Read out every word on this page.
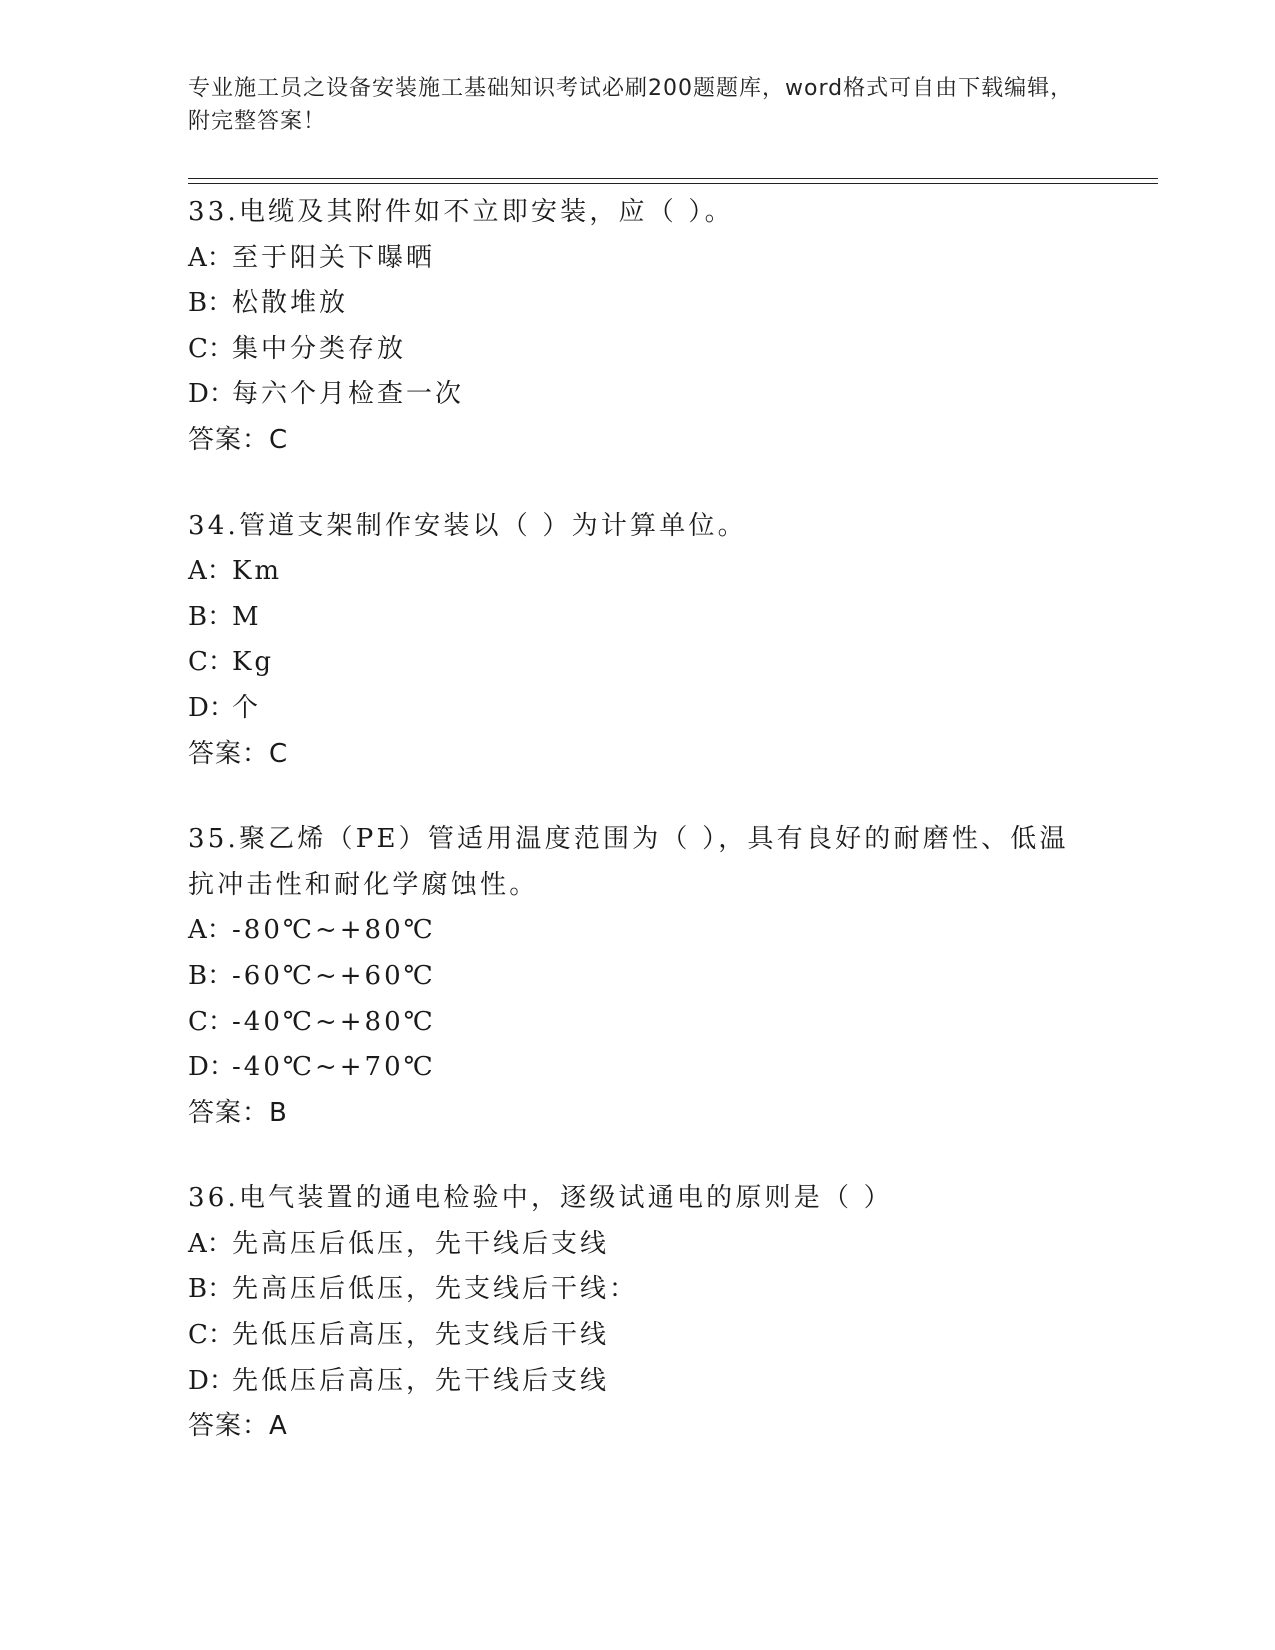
专业施工员之设备安装施工基础知识考试必刷200题题库，word格式可自由下载编辑，附完整答案！
33.电缆及其附件如不立即安装，应（ ）。
A：至于阳关下曝晒
B：松散堆放
C：集中分类存放
D：每六个月检查一次
答案：C
34.管道支架制作安装以（ ）为计算单位。
A：Km
B：M
C：Kg
D：个
答案：C
35.聚乙烯（PE）管适用温度范围为（ ），具有良好的耐磨性、低温抗冲击性和耐化学腐蚀性。
A：-80℃~+80℃
B：-60℃~+60℃
C：-40℃~+80℃
D：-40℃~+70℃
答案：B
36.电气装置的通电检验中，逐级试通电的原则是（ ）
A：先高压后低压，先干线后支线
B：先高压后低压，先支线后干线：
C：先低压后高压，先支线后干线
D：先低压后高压，先干线后支线
答案：A
